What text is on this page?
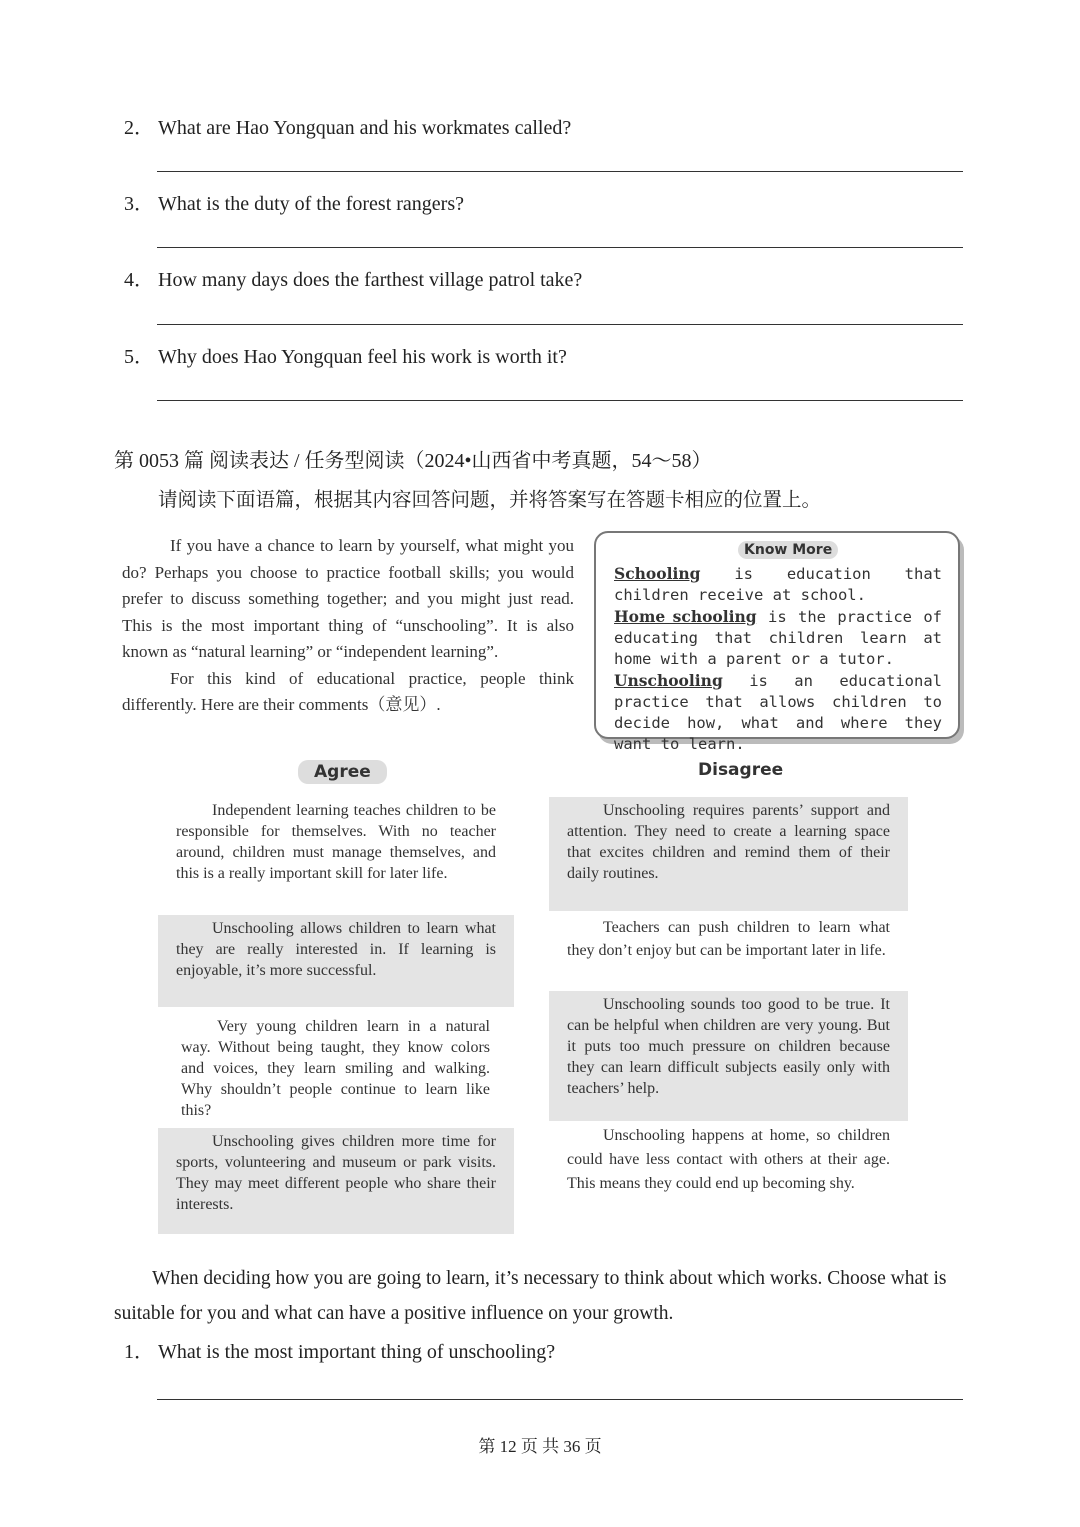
2． What are Hao Yongquan and his workmates called?
3． What is the duty of the forest rangers?
4． How many days does the farthest village patrol take?
5． Why does Hao Yongquan feel his work is worth it?
第 0053 篇 阅读表达 / 任务型阅读（2024•山西省中考真题，54～58）
请阅读下面语篇，根据其内容回答问题，并将答案写在答题卡相应的位置上。

If you have a chance to learn by yourself, what might you do? Perhaps you choose to practice football skills; you would prefer to discuss something together; and you might just read. This is the most important thing of “unschooling”. It is also known as “natural learning” or “independent learning”.

For this kind of educational practice, people think differently. Here are their comments（意见）.

Know More

Schooling is education that children receive at school.

Home schooling is the practice of educating that children learn at home with a parent or a tutor.

Unschooling is an educational practice that allows children to decide how, what and where they want to learn.

Agree	Disagree

Independent learning teaches children to be responsible for themselves. With no teacher around, children must manage themselves, and this is a really important skill for later life.

Unschooling allows children to learn what they are really interested in. If learning is enjoyable, it’s more successful.

Very young children learn in a natural way. Without being taught, they know colors and voices, they learn smiling and walking. Why shouldn’t people continue to learn like this?

Unschooling gives children more time for sports, volunteering and museum or park visits. They may meet different people who share their interests.

Unschooling requires parents’ support and attention. They need to create a learning space that excites children and remind them of their daily routines.

Teachers can push children to learn what they don’t enjoy but can be important later in life.

Unschooling sounds too good to be true. It can be helpful when children are very young. But it puts too much pressure on children because they can learn difficult subjects easily only with teachers’ help.

Unschooling happens at home, so children could have less contact with others at their age. This means they could end up becoming shy.

When deciding how you are going to learn, it’s necessary to think about which works. Choose what is suitable for you and what can have a positive influence on your growth.

1． What is the most important thing of unschooling?
第 12 页 共 36 页
